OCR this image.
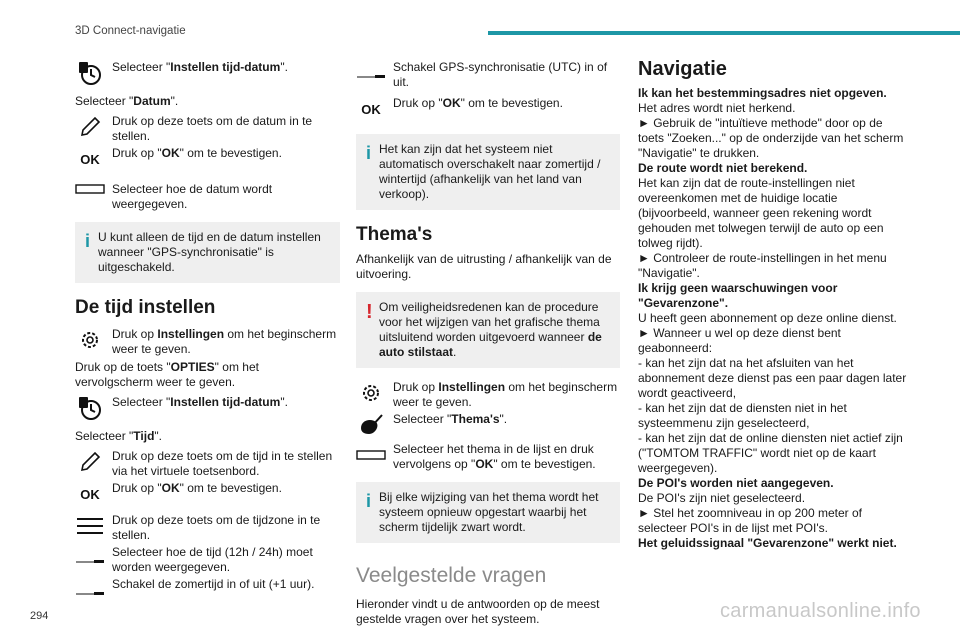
3D Connect-navigatie
Selecteer "Instellen tijd-datum".
Selecteer "Datum".
Druk op deze toets om de datum in te stellen.
OK Druk op "OK" om te bevestigen.
Selecteer hoe de datum wordt weergegeven.
i U kunt alleen de tijd en de datum instellen wanneer "GPS-synchronisatie" is uitgeschakeld.
De tijd instellen
Druk op Instellingen om het beginscherm weer te geven.
Druk op de toets "OPTIES" om het vervolgscherm weer te geven.
Selecteer "Instellen tijd-datum".
Selecteer "Tijd".
Druk op deze toets om de tijd in te stellen via het virtuele toetsenbord.
OK Druk op "OK" om te bevestigen.
Druk op deze toets om de tijdzone in te stellen.
Selecteer hoe de tijd (12h / 24h) moet worden weergegeven.
Schakel de zomertijd in of uit (+1 uur).
Schakel GPS-synchronisatie (UTC) in of uit.
OK Druk op "OK" om te bevestigen.
i Het kan zijn dat het systeem niet automatisch overschakelt naar zomertijd / wintertijd (afhankelijk van het land van verkoop).
Thema's
Afhankelijk van de uitrusting / afhankelijk van de uitvoering.
! Om veiligheidsredenen kan de procedure voor het wijzigen van het grafische thema uitsluitend worden uitgevoerd wanneer de auto stilstaat.
Druk op Instellingen om het beginscherm weer te geven.
Selecteer "Thema's".
Selecteer het thema in de lijst en druk vervolgens op "OK" om te bevestigen.
i Bij elke wijziging van het thema wordt het systeem opnieuw opgestart waarbij het scherm tijdelijk zwart wordt.
Veelgestelde vragen
Hieronder vindt u de antwoorden op de meest gestelde vragen over het systeem.
Navigatie
Ik kan het bestemmingsadres niet opgeven.
Het adres wordt niet herkend.
► Gebruik de "intuïtieve methode" door op de toets "Zoeken..." op de onderzijde van het scherm "Navigatie" te drukken.
De route wordt niet berekend.
Het kan zijn dat de route-instellingen niet overeenkomen met de huidige locatie (bijvoorbeeld, wanneer geen rekening wordt gehouden met tolwegen terwijl de auto op een tolweg rijdt).
► Controleer de route-instellingen in het menu "Navigatie".
Ik krijg geen waarschuwingen voor "Gevarenzone".
U heeft geen abonnement op deze online dienst.
► Wanneer u wel op deze dienst bent geabonneerd:
- kan het zijn dat na het afsluiten van het abonnement deze dienst pas een paar dagen later wordt geactiveerd,
- kan het zijn dat de diensten niet in het systeemmenu zijn geselecteerd,
- kan het zijn dat de online diensten niet actief zijn ("TOMTOM TRAFFIC" wordt niet op de kaart weergegeven).
De POI's worden niet aangegeven.
De POI's zijn niet geselecteerd.
► Stel het zoomniveau in op 200 meter of selecteer POI's in de lijst met POI's.
Het geluidssignaal "Gevarenzone" werkt niet.
294	carmanualsonline.info
